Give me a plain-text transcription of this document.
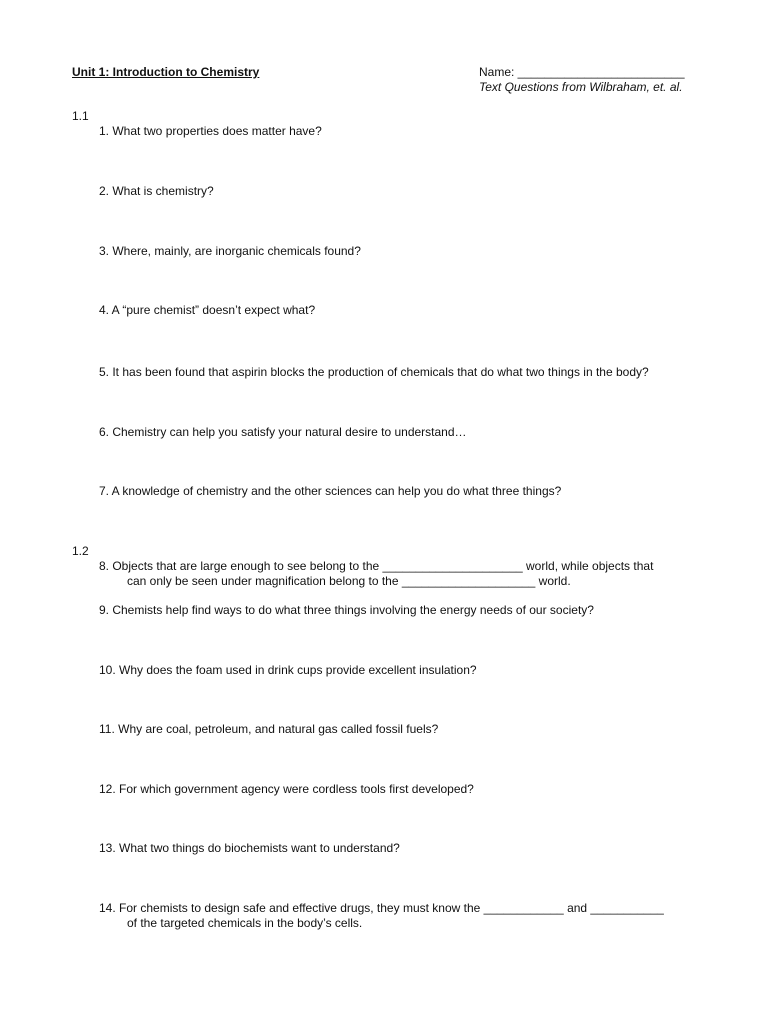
Unit 1: Introduction to Chemistry	Name: _________________________
Text Questions from Wilbraham, et. al.
1.1
1. What two properties does matter have?
2. What is chemistry?
3. Where, mainly, are inorganic chemicals found?
4. A “pure chemist” doesn’t expect what?
5. It has been found that aspirin blocks the production of chemicals that do what two things in the body?
6. Chemistry can help you satisfy your natural desire to understand…
7. A knowledge of chemistry and the other sciences can help you do what three things?
1.2
8. Objects that are large enough to see belong to the _____________________ world, while objects that
can only be seen under magnification belong to the ____________________ world.
9. Chemists help find ways to do what three things involving the energy needs of our society?
10. Why does the foam used in drink cups provide excellent insulation?
11. Why are coal, petroleum, and natural gas called fossil fuels?
12. For which government agency were cordless tools first developed?
13. What two things do biochemists want to understand?
14. For chemists to design safe and effective drugs, they must know the ____________ and ___________
of the targeted chemicals in the body’s cells.
